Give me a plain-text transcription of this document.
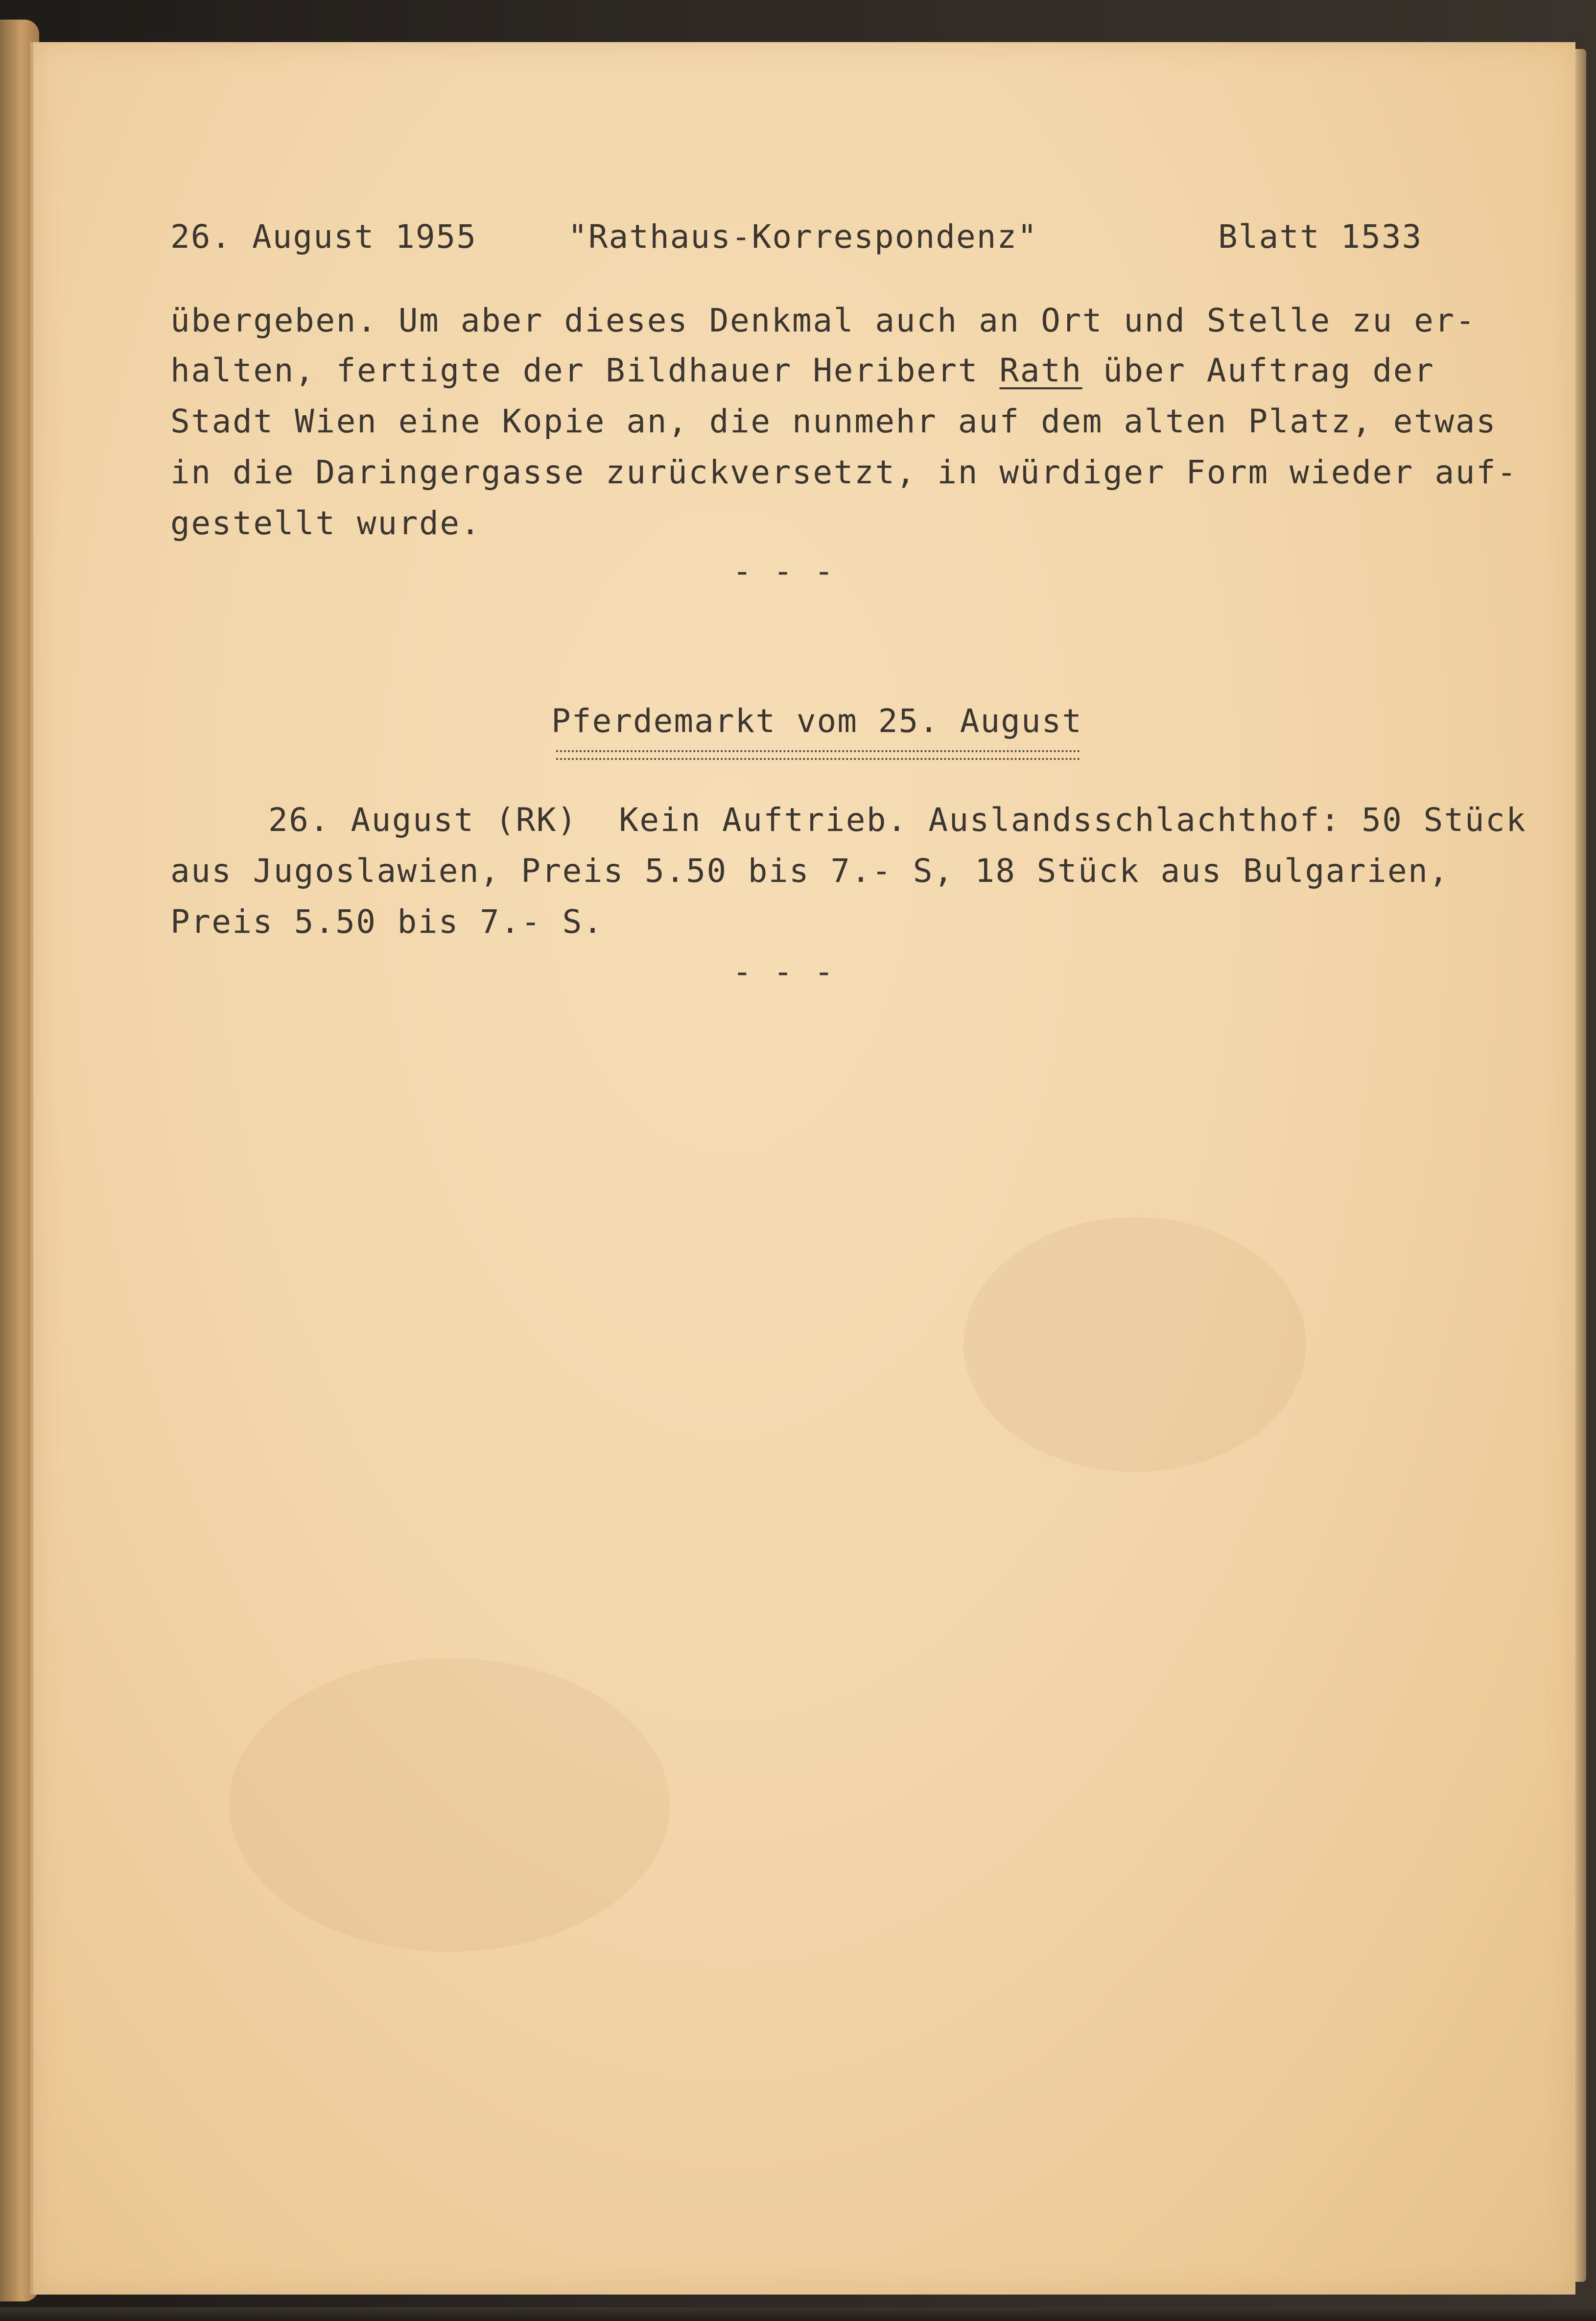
26. August 1955	"Rathaus-Korrespondenz"	Blatt 1533
übergeben. Um aber dieses Denkmal auch an Ort und Stelle zu er-
halten, fertigte der Bildhauer Heribert Rath über Auftrag der
Stadt Wien eine Kopie an, die nunmehr auf dem alten Platz, etwas
in die Daringergasse zurückversetzt, in würdiger Form wieder auf-
gestellt wurde.
- - -
Pferdemarkt vom 25. August
26. August (RK)  Kein Auftrieb. Auslandsschlachthof: 50 Stück
aus Jugoslawien, Preis 5.50 bis 7.- S, 18 Stück aus Bulgarien,
Preis 5.50 bis 7.- S.
- - -
